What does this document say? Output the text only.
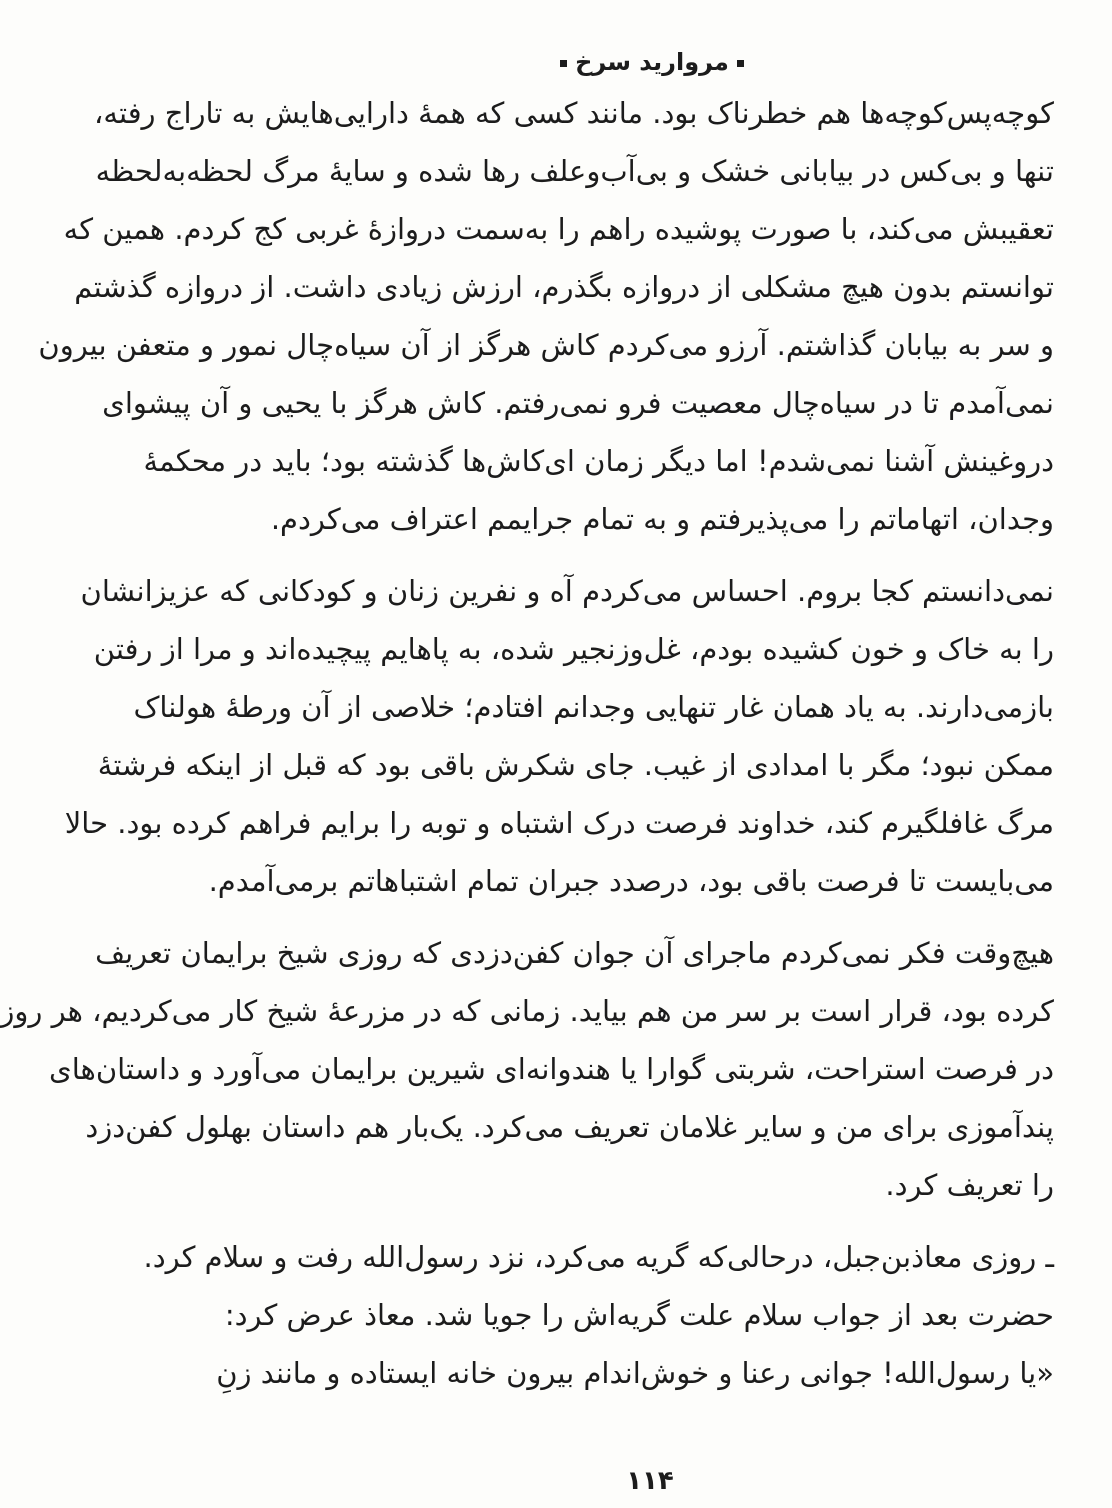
مروارید سرخ
کوچه‌پس‌کوچه‌ها هم خطرناک بود. مانند کسی که همهٔ دارایی‌هایش به تاراج رفته،
تنها و بی‌کس در بیابانی خشک و بی‌آب‌وعلف رها شده و سایهٔ مرگ لحظه‌به‌لحظه
تعقیبش می‌کند، با صورت پوشیده راهم را به‌سمت دروازهٔ غربی کج کردم. همین که
توانستم بدون هیچ مشکلی از دروازه بگذرم، ارزش زیادی داشت. از دروازه گذشتم
و سر به بیابان گذاشتم. آرزو می‌کردم کاش هرگز از آن سیاه‌چال نمور و متعفن بیرون
نمی‌آمدم تا در سیاه‌چال معصیت فرو نمی‌رفتم. کاش هرگز با یحیی و آن پیشوای
دروغینش آشنا نمی‌شدم! اما دیگر زمان ای‌کاش‌ها گذشته بود؛ باید در محکمهٔ
وجدان، اتهاماتم را می‌پذیرفتم و به تمام جرایمم اعتراف می‌کردم.
نمی‌دانستم کجا بروم. احساس می‌کردم آه و نفرین زنان و کودکانی که عزیزانشان
را به خاک و خون کشیده بودم، غل‌وزنجیر شده، به پاهایم پیچیده‌اند و مرا از رفتن
بازمی‌دارند. به یاد همان غار تنهایی وجدانم افتادم؛ خلاصی از آن ورطهٔ هولناک
ممکن نبود؛ مگر با امدادی از غیب. جای شکرش باقی بود که قبل از اینکه فرشتهٔ
مرگ غافلگیرم کند، خداوند فرصت درک اشتباه و توبه را برایم فراهم کرده بود. حالا
می‌بایست تا فرصت باقی بود، درصدد جبران تمام اشتباهاتم برمی‌آمدم.
هیچ‌وقت فکر نمی‌کردم ماجرای آن جوان کفن‌دزدی که روزی شیخ برایمان تعریف
کرده بود، قرار است بر سر من هم بیاید. زمانی که در مزرعهٔ شیخ کار می‌کردیم، هر روز
در فرصت استراحت، شربتی گوارا یا هندوانه‌ای شیرین برایمان می‌آورد و داستان‌های
پندآموزی برای من و سایر غلامان تعریف می‌کرد. یک‌بار هم داستان بهلول کفن‌دزد
را تعریف کرد.
ـ روزی معاذبن‌جبل، درحالی‌که گریه می‌کرد، نزد رسول‌الله رفت و سلام کرد.
حضرت بعد از جواب سلام علت گریه‌اش را جویا شد. معاذ عرض کرد:
«یا رسول‌الله! جوانی رعنا و خوش‌اندام بیرون خانه ایستاده و مانند زنِ
۱۱۴
